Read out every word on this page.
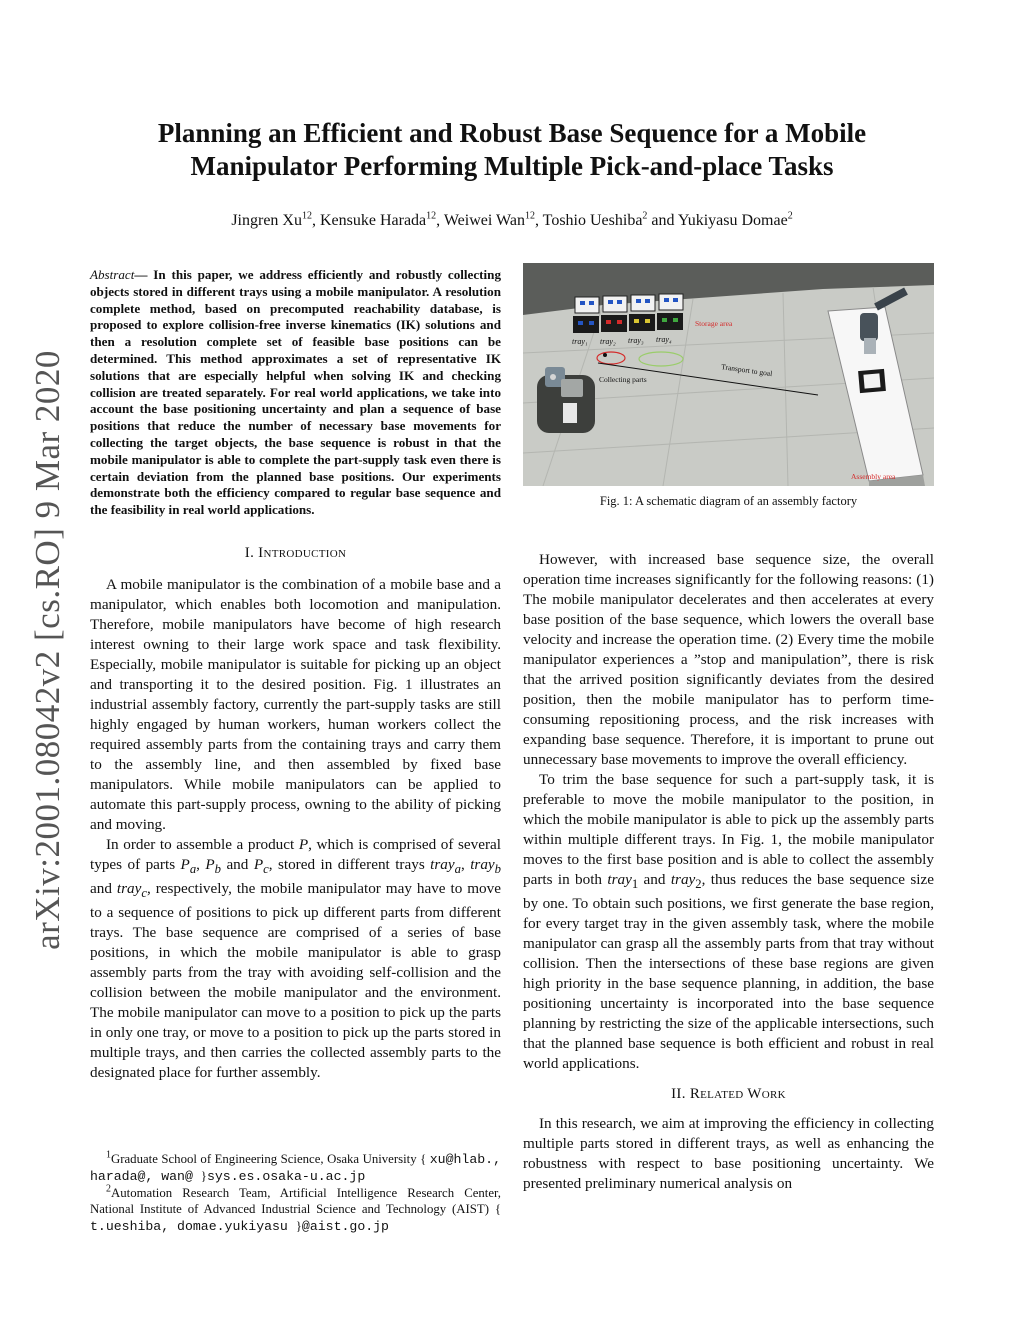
arXiv:2001.08042v2 [cs.RO] 9 Mar 2020
Planning an Efficient and Robust Base Sequence for a Mobile Manipulator Performing Multiple Pick-and-place Tasks
Jingren Xu$^{12}$, Kensuke Harada$^{12}$, Weiwei Wan$^{12}$, Toshio Ueshiba$^2$ and Yukiyasu Domae$^2$
Abstract— In this paper, we address efficiently and robustly collecting objects stored in different trays using a mobile manipulator. A resolution complete method, based on precomputed reachability database, is proposed to explore collision-free inverse kinematics (IK) solutions and then a resolution complete set of feasible base positions can be determined. This method approximates a set of representative IK solutions that are especially helpful when solving IK and checking collision are treated separately. For real world applications, we take into account the base positioning uncertainty and plan a sequence of base positions that reduce the number of necessary base movements for collecting the target objects, the base sequence is robust in that the mobile manipulator is able to complete the part-supply task even there is certain deviation from the planned base positions. Our experiments demonstrate both the efficiency compared to regular base sequence and the feasibility in real world applications.
I. Introduction

A mobile manipulator is the combination of a mobile base and a manipulator, which enables both locomotion and manipulation. Therefore, mobile manipulators have become of high research interest owning to their large work space and task flexibility. Especially, mobile manipulator is suitable for picking up an object and transporting it to the desired position. Fig. 1 illustrates an industrial assembly factory, currently the part-supply tasks are still highly engaged by human workers, human workers collect the required assembly parts from the containing trays and carry them to the assembly line, and then assembled by fixed base manipulators. While mobile manipulators can be applied to automate this part-supply process, owning to the ability of picking and moving.

In order to assemble a product P, which is comprised of several types of parts $P_a$, $P_b$ and $P_c$, stored in different trays tray$_a$, tray$_b$ and tray$_c$, respectively, the mobile manipulator may have to move to a sequence of positions to pick up different parts from different trays. The base sequence are comprised of a series of base positions, in which the mobile manipulator is able to grasp assembly parts from the tray with avoiding self-collision and the collision between the mobile manipulator and the environment. The mobile manipulator can move to a position to pick up the parts in only one tray, or move to a position to pick up the parts stored in multiple trays, and then carries the collected assembly parts to the designated place for further assembly.

$^1$Graduate School of Engineering Science, Osaka University { xu@hlab., harada@, wan@ }sys.es.osaka-u.ac.jp

$^2$Automation Research Team, Artificial Intelligence Research Center, National Institute of Advanced Industrial Science and Technology (AIST) { t.ueshiba, domae.yukiyasu }@aist.go.jp

tray₁ tray₂ tray₃ tray₄
Storage area
Transport to goal
Collecting parts
Assembly area
Fig. 1: A schematic diagram of an assembly factory

However, with increased base sequence size, the overall operation time increases significantly for the following reasons: (1) The mobile manipulator decelerates and then accelerates at every base position of the base sequence, which lowers the overall base velocity and increase the operation time. (2) Every time the mobile manipulator experiences a ”stop and manipulation”, there is risk that the arrived position significantly deviates from the desired position, then the mobile manipulator has to perform time-consuming repositioning process, and the risk increases with expanding base sequence. Therefore, it is important to prune out unnecessary base movements to improve the overall efficiency.

To trim the base sequence for such a part-supply task, it is preferable to move the mobile manipulator to the position, in which the mobile manipulator is able to pick up the assembly parts within multiple different trays. In Fig. 1, the mobile manipulator moves to the first base position and is able to collect the assembly parts in both tray$_1$ and tray$_2$, thus reduces the base sequence size by one. To obtain such positions, we first generate the base region, for every target tray in the given assembly task, where the mobile manipulator can grasp all the assembly parts from that tray without collision. Then the intersections of these base regions are given high priority in the base sequence planning, in addition, the base positioning uncertainty is incorporated into the base sequence planning by restricting the size of the applicable intersections, such that the planned base sequence is both efficient and robust in real world applications.

II. Related Work

In this research, we aim at improving the efficiency in collecting multiple parts stored in different trays, as well as enhancing the robustness with respect to base positioning uncertainty. We presented preliminary numerical analysis on
